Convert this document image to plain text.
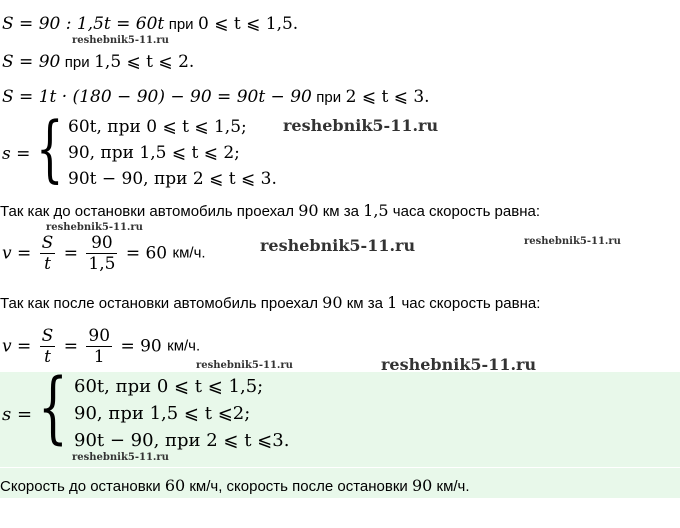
S = 90 : 1,5t = 60t при 0 ⩽ t ⩽ 1,5.
reshebnik5-11.ru
S = 90 при 1,5 ⩽ t ⩽ 2.
S = 1t · (180 − 90) − 90 = 90t − 90 при 2 ⩽ t ⩽ 3.
s = { 60t, при 0 ⩽ t ⩽ 1,5;
90, при 1,5 ⩽ t ⩽ 2;
90t − 90, при 2 ⩽ t ⩽ 3.
reshebnik5-11.ru
Так как до остановки автомобиль проехал 90 км за 1,5 часа скорость равна:
reshebnik5-11.ru
$v = \frac{S}{t} = \frac{90}{1,5} = 60$ км/ч.	reshebnik5-11.ru	reshebnik5-11.ru
Так как после остановки автомобиль проехал 90 км за 1 час скорость равна:
$v = \frac{S}{t} = \frac{90}{1} = 90$ км/ч.
reshebnik5-11.ru	reshebnik5-11.ru
s = { 60t, при 0 ⩽ t ⩽ 1,5;
90, при 1,5 ⩽ t ⩽2;
90t − 90, при 2 ⩽ t ⩽3.
reshebnik5-11.ru
Скорость до остановки 60 км/ч, скорость после остановки 90 км/ч.
